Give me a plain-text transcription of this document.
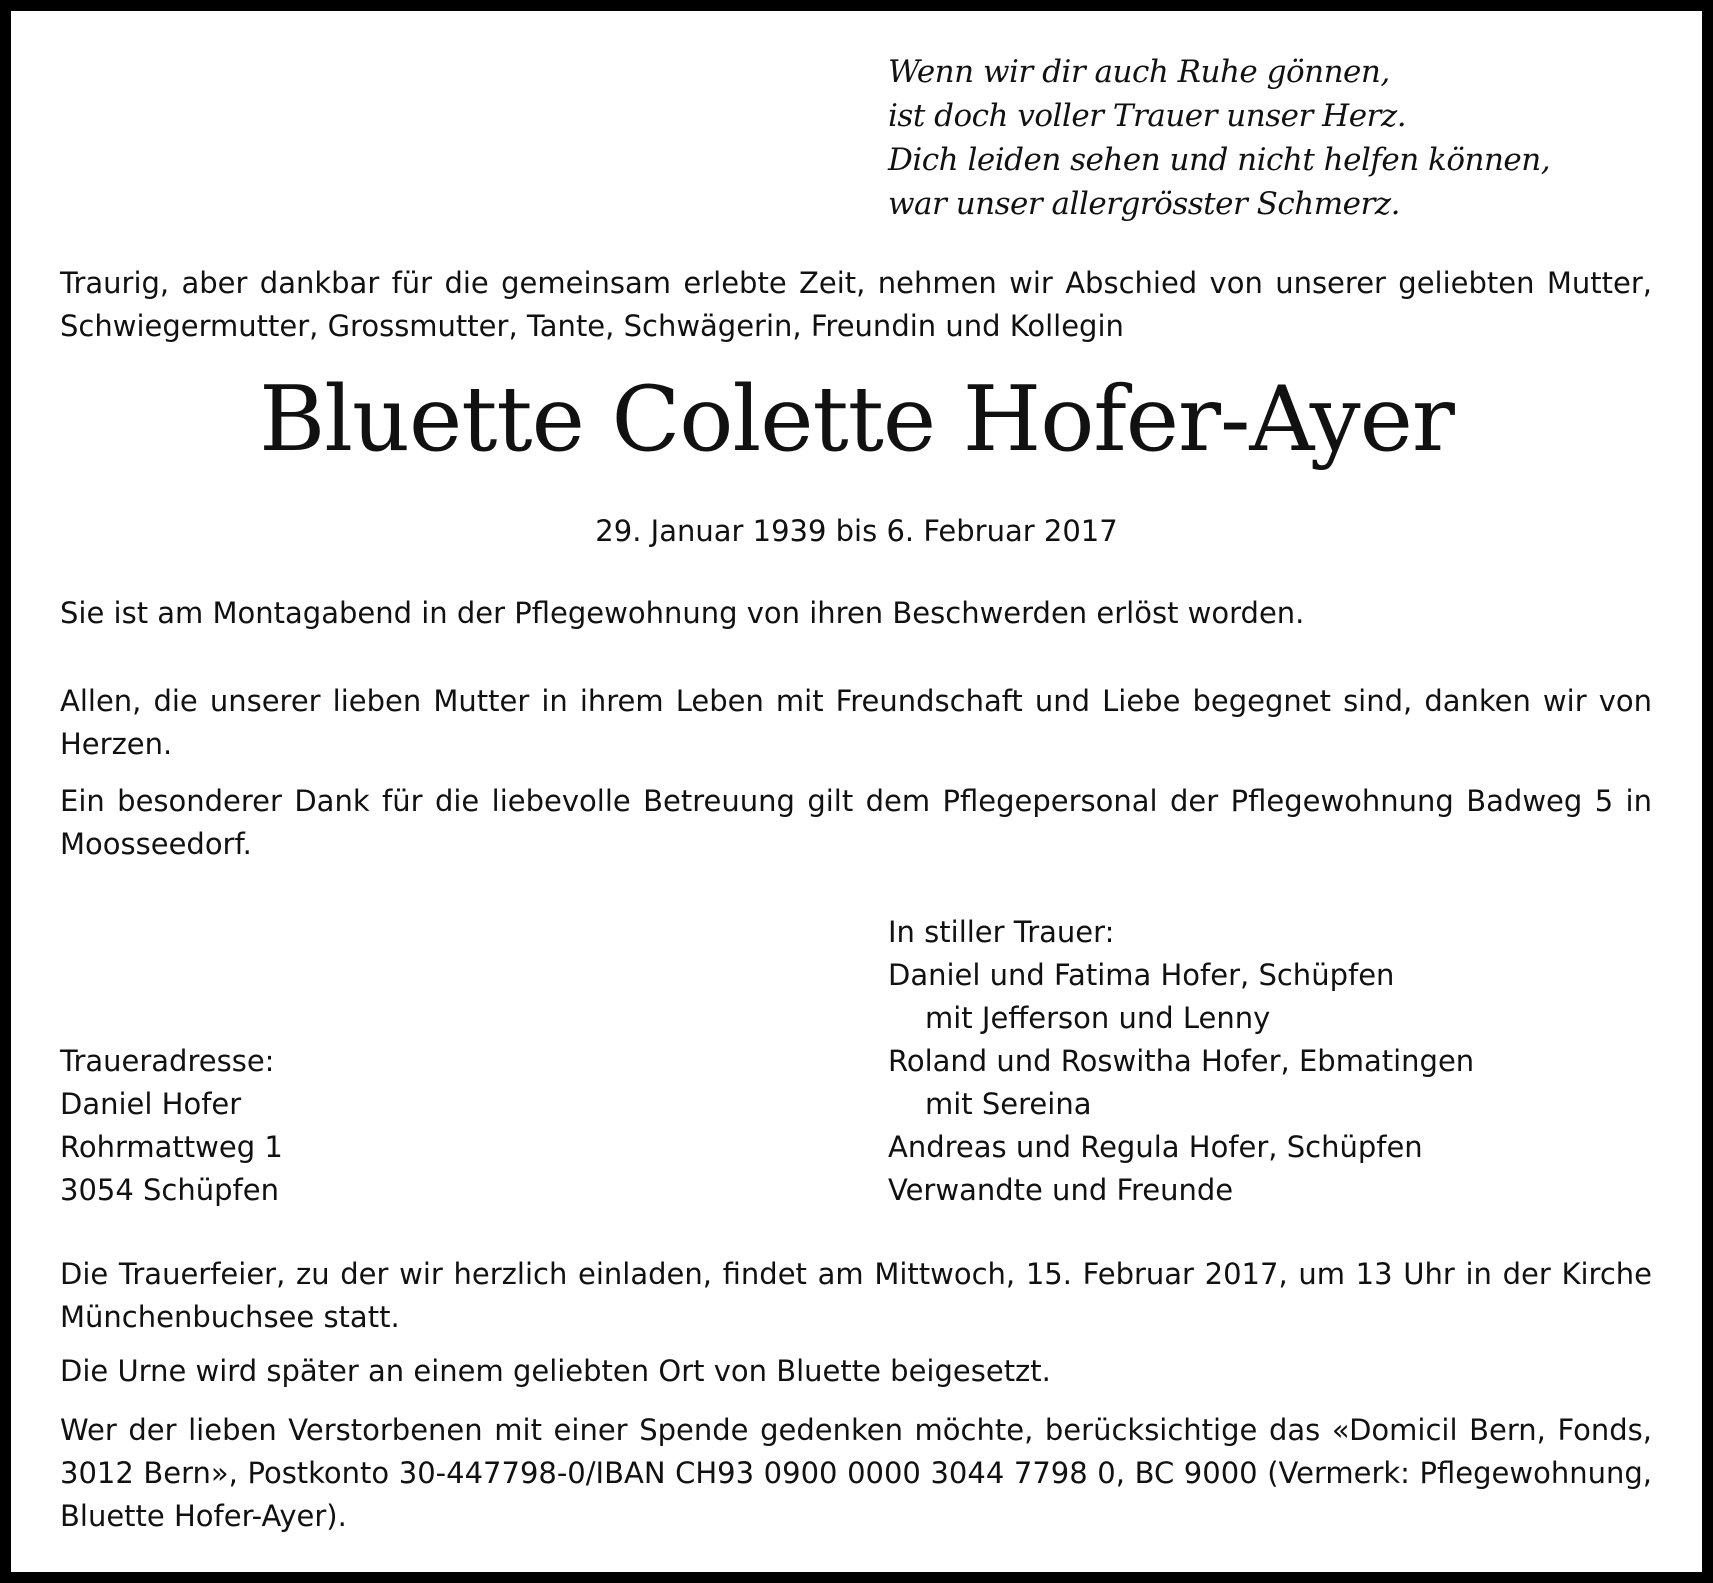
Wenn wir dir auch Ruhe gönnen,
ist doch voller Trauer unser Herz.
Dich leiden sehen und nicht helfen können,
war unser allergrösster Schmerz.

Traurig, aber dankbar für die gemeinsam erlebte Zeit, nehmen wir Abschied von unserer geliebten Mutter, Schwiegermutter, Grossmutter, Tante, Schwägerin, Freundin und Kollegin

Bluette Colette Hofer-Ayer
29. Januar 1939 bis 6. Februar 2017

Sie ist am Montagabend in der Pflegewohnung von ihren Beschwerden erlöst worden.

Allen, die unserer lieben Mutter in ihrem Leben mit Freundschaft und Liebe begegnet sind, danken wir von Herzen.

Ein besonderer Dank für die liebevolle Betreuung gilt dem Pflegepersonal der Pflegewohnung Badweg 5 in Moosseedorf.

Traueradresse:
Daniel Hofer
Rohrmattweg 1
3054 Schüpfen
In stiller Trauer:
Daniel und Fatima Hofer, Schüpfen
mit Jefferson und Lenny
Roland und Roswitha Hofer, Ebmatingen
mit Sereina
Andreas und Regula Hofer, Schüpfen
Verwandte und Freunde

Die Trauerfeier, zu der wir herzlich einladen, findet am Mittwoch, 15. Februar 2017, um 13 Uhr in der Kirche Münchenbuchsee statt.

Die Urne wird später an einem geliebten Ort von Bluette beigesetzt.

Wer der lieben Verstorbenen mit einer Spende gedenken möchte, berücksichtige das «Domicil Bern, Fonds, 3012 Bern», Postkonto 30-447798-0/IBAN CH93 0900 0000 3044 7798 0, BC 9000 (Vermerk: Pflegewohnung, Bluette Hofer-Ayer).
